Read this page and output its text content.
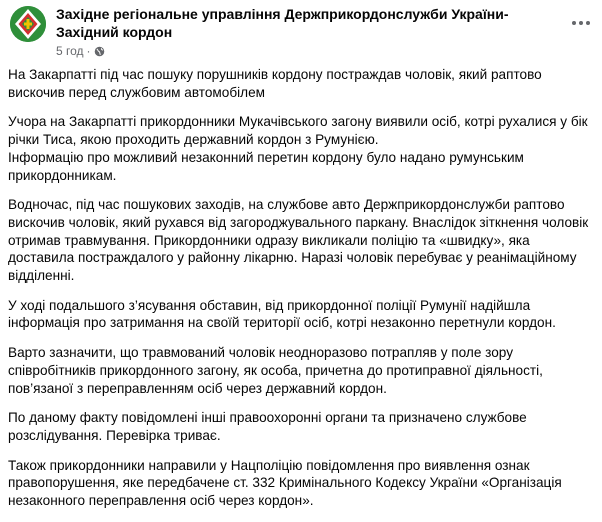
Західне регіональне управління Держприкордонслужби України-Західний кордон
5 год ·

На Закарпатті під час пошуку порушників кордону постраждав чоловік, який раптово
вискочив перед службовим автомобілем

Учора на Закарпатті прикордонники Мукачівського загону виявили осіб, котрі рухалися у бік
річки Тиса, якою проходить державний кордон з Румунією.
Інформацію про можливий незаконний перетин кордону було надано румунським
прикордонникам.

Водночас, під час пошукових заходів, на службове авто Держприкордонслужби раптово
вискочив чоловік, який рухався від загороджувального паркану. Внаслідок зіткнення чоловік
отримав травмування. Прикордонники одразу викликали поліцію та «швидку», яка
доставила постраждалого у районну лікарню. Наразі чоловік перебуває у реанімаційному
відділенні.

У ході подальшого з’ясування обставин, від прикордонної поліції Румунії надійшла
інформація про затримання на своїй території осіб, котрі незаконно перетнули кордон.

Варто зазначити, що травмований чоловік неодноразово потрапляв у поле зору
співробітників прикордонного загону, як особа, причетна до протиправної діяльності,
пов’язаної з переправленням осіб через державний кордон.

По даному факту повідомлені інші правоохоронні органи та призначено службове
розслідування. Перевірка триває.

Також прикордонники направили у Нацполіцію повідомлення про виявлення ознак
правопорушення, яке передбачене ст. 332 Кримінального Кодексу України «Організація
незаконного переправлення осіб через кордон».
